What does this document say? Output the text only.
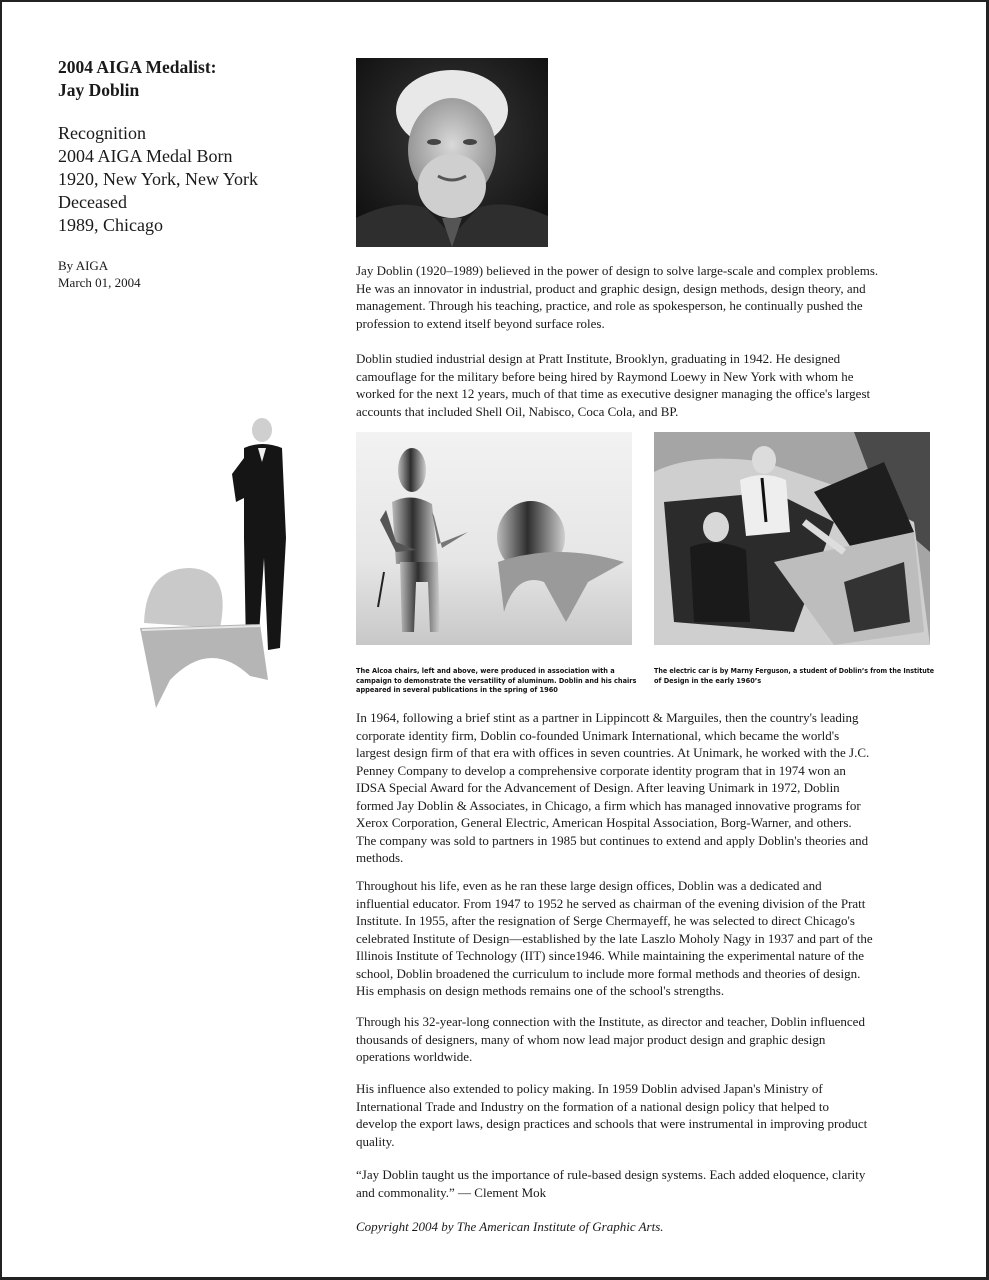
2004 AIGA Medalist:
Jay Doblin
Recognition
2004 AIGA Medal Born
1920, New York, New York
Deceased
1989, Chicago
By AIGA
March 01, 2004
Jay Doblin (1920–1989) believed in the power of design to solve large-scale and complex problems.
He was an innovator in industrial, product and graphic design, design methods, design theory, and
management. Through his teaching, practice, and role as spokesperson, he continually pushed the
profession to extend itself beyond surface roles.
Doblin studied industrial design at Pratt Institute, Brooklyn, graduating in 1942. He designed
camouflage for the military before being hired by Raymond Loewy in New York with whom he
worked for the next 12 years, much of that time as executive designer managing the office's largest
accounts that included Shell Oil, Nabisco, Coca Cola, and BP.
The Alcoa chairs, left and above, were produced in association with a
campaign to demonstrate the versatility of aluminum. Doblin and his chairs
appeared in several publications in the spring of 1960
The electric car is by Marny Ferguson, a student of Doblin’s from the Institute
of Design in the early 1960’s
In 1964, following a brief stint as a partner in Lippincott & Marguiles, then the country's leading
corporate identity firm, Doblin co-founded Unimark International, which became the world's
largest design firm of that era with offices in seven countries. At Unimark, he worked with the J.C.
Penney Company to develop a comprehensive corporate identity program that in 1974 won an
IDSA Special Award for the Advancement of Design. After leaving Unimark in 1972, Doblin
formed Jay Doblin & Associates, in Chicago, a firm which has managed innovative programs for
Xerox Corporation, General Electric, American Hospital Association, Borg-Warner, and others.
The company was sold to partners in 1985 but continues to extend and apply Doblin's theories and
methods.
Throughout his life, even as he ran these large design offices, Doblin was a dedicated and
influential educator. From 1947 to 1952 he served as chairman of the evening division of the Pratt
Institute. In 1955, after the resignation of Serge Chermayeff, he was selected to direct Chicago's
celebrated Institute of Design—established by the late Laszlo Moholy Nagy in 1937 and part of the
Illinois Institute of Technology (IIT) since1946. While maintaining the experimental nature of the
school, Doblin broadened the curriculum to include more formal methods and theories of design.
His emphasis on design methods remains one of the school's strengths.
Through his 32-year-long connection with the Institute, as director and teacher, Doblin influenced
thousands of designers, many of whom now lead major product design and graphic design
operations worldwide.
His influence also extended to policy making. In 1959 Doblin advised Japan's Ministry of
International Trade and Industry on the formation of a national design policy that helped to
develop the export laws, design practices and schools that were instrumental in improving product
quality.
“Jay Doblin taught us the importance of rule-based design systems. Each added eloquence, clarity
and commonality.” — Clement Mok
Copyright 2004 by The American Institute of Graphic Arts.
